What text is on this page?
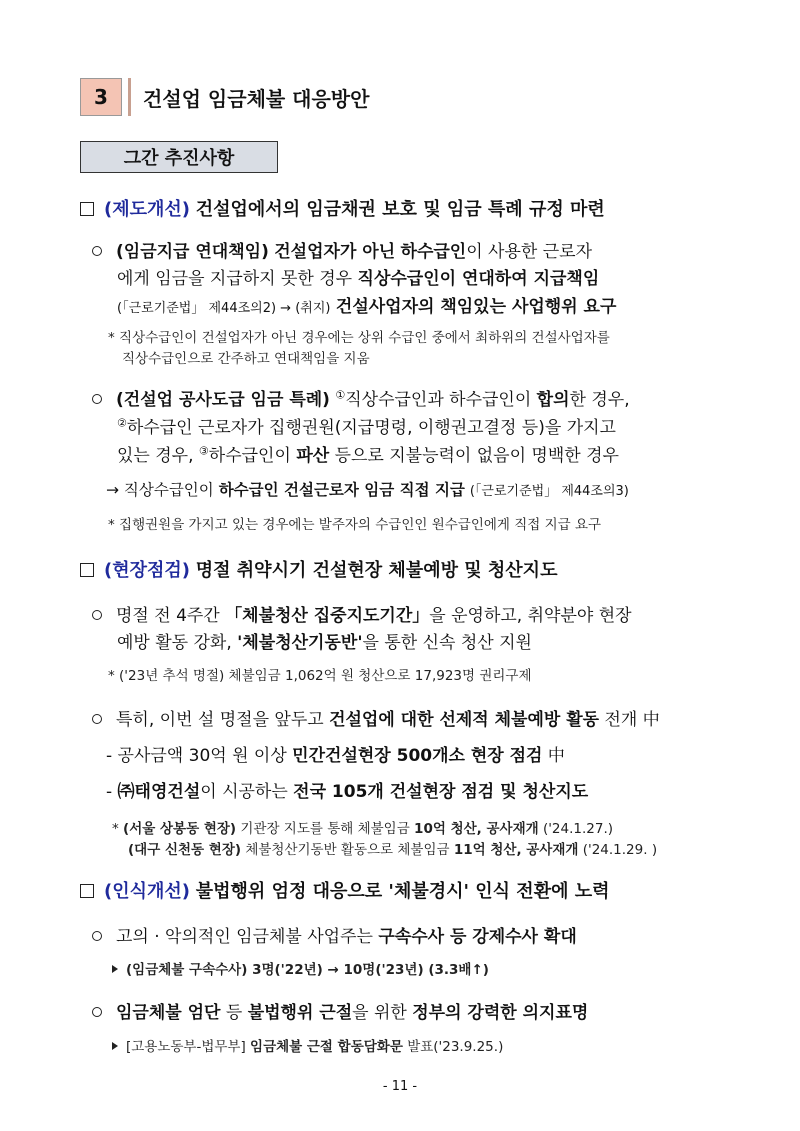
3	건설업 임금체불 대응방안
그간 추진사항
(제도개선) 건설업에서의 임금채권 보호 및 임금 특례 규정 마련
(임금지급 연대책임) 건설업자가 아닌 하수급인이 사용한 근로자
에게 임금을 지급하지 못한 경우 직상수급인이 연대하여 지급책임
(「근로기준법」 제44조의2) → (취지) 건설사업자의 책임있는 사업행위 요구
* 직상수급인이 건설업자가 아닌 경우에는 상위 수급인 중에서 최하위의 건설사업자를
직상수급인으로 간주하고 연대책임을 지움
(건설업 공사도급 임금 특례) ①직상수급인과 하수급인이 합의한 경우,
②하수급인 근로자가 집행권원(지급명령, 이행권고결정 등)을 가지고
있는 경우, ③하수급인이 파산 등으로 지불능력이 없음이 명백한 경우
→ 직상수급인이 하수급인 건설근로자 임금 직접 지급 (「근로기준법」 제44조의3)
* 집행권원을 가지고 있는 경우에는 발주자의 수급인인 원수급인에게 직접 지급 요구
(현장점검) 명절 취약시기 건설현장 체불예방 및 청산지도
명절 전 4주간 「체불청산 집중지도기간」을 운영하고, 취약분야 현장
예방 활동 강화, '체불청산기동반'을 통한 신속 청산 지원
* ('23년 추석 명절) 체불임금 1,062억 원 청산으로 17,923명 권리구제
특히, 이번 설 명절을 앞두고 건설업에 대한 선제적 체불예방 활동 전개 中
- 공사금액 30억 원 이상 민간건설현장 500개소 현장 점검 中
- ㈜태영건설이 시공하는 전국 105개 건설현장 점검 및 청산지도
* (서울 상봉동 현장) 기관장 지도를 통해 체불임금 10억 청산, 공사재개 ('24.1.27.)
(대구 신천동 현장) 체불청산기동반 활동으로 체불임금 11억 청산, 공사재개 ('24.1.29. )
(인식개선) 불법행위 엄정 대응으로 '체불경시' 인식 전환에 노력
고의 · 악의적인 임금체불 사업주는 구속수사 등 강제수사 확대
(임금체불 구속수사) 3명('22년) → 10명('23년) (3.3배↑)
임금체불 엄단 등 불법행위 근절을 위한 정부의 강력한 의지표명
[고용노동부-법무부] 임금체불 근절 합동담화문 발표('23.9.25.)
- 11 -
